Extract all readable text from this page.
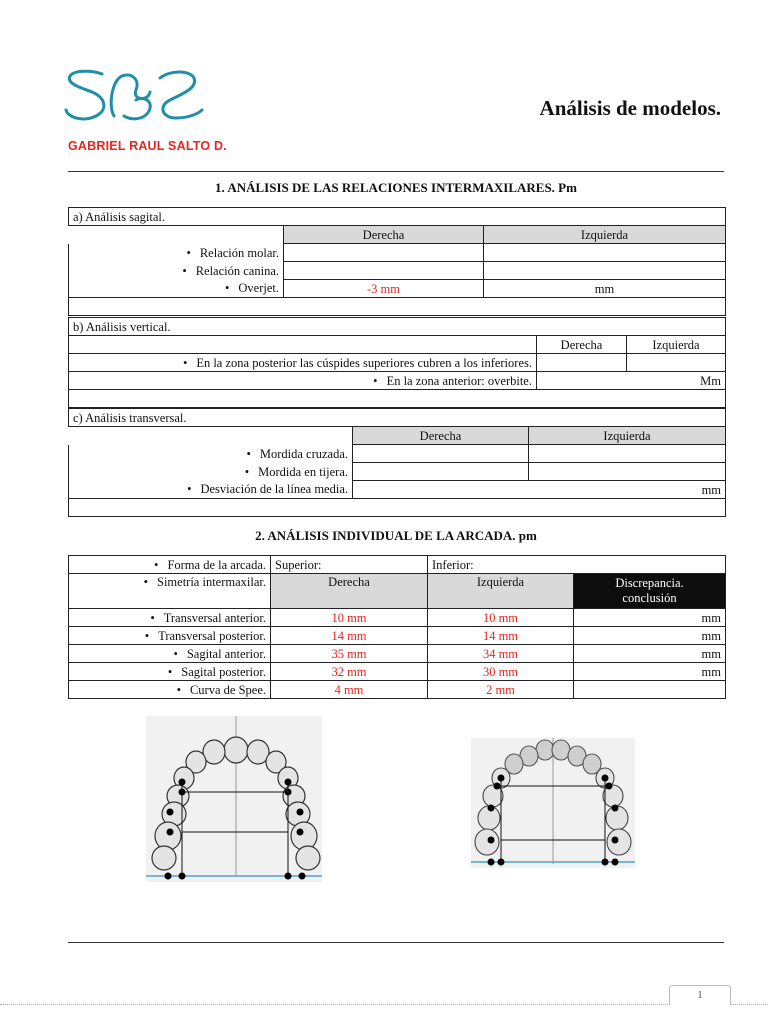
GABRIEL RAUL SALTO D.
Análisis de modelos.
1. ANÁLISIS DE LAS RELACIONES INTERMAXILARES. Pm
a) Análisis sagital.		
	Derecha	Izquierda
• Relación molar.		
• Relación canina.		
• Overjet.	-3 mm	mm

b) Análisis vertical.		
	Derecha	Izquierda
• En la zona posterior las cúspides superiores cubren a los inferiores.		
• En la zona anterior: overbite.	Mm	

c) Análisis transversal.		
	Derecha	Izquierda
• Mordida cruzada.		
• Mordida en tijera.		
• Desviación de la línea media.	mm	

2. ANÁLISIS INDIVIDUAL DE LA ARCADA. pm
• Forma de la arcada.	Superior:	Inferior:	
• Simetría intermaxilar.	Derecha	Izquierda	Discrepancia.
conclusión

• Transversal anterior.	10 mm	10 mm	mm
• Transversal posterior.	14 mm	14 mm	mm
• Sagital anterior.	35 mm	34 mm	mm
• Sagital posterior.	32 mm	30 mm	mm
• Curva de Spee.	4 mm	2 mm	
1
